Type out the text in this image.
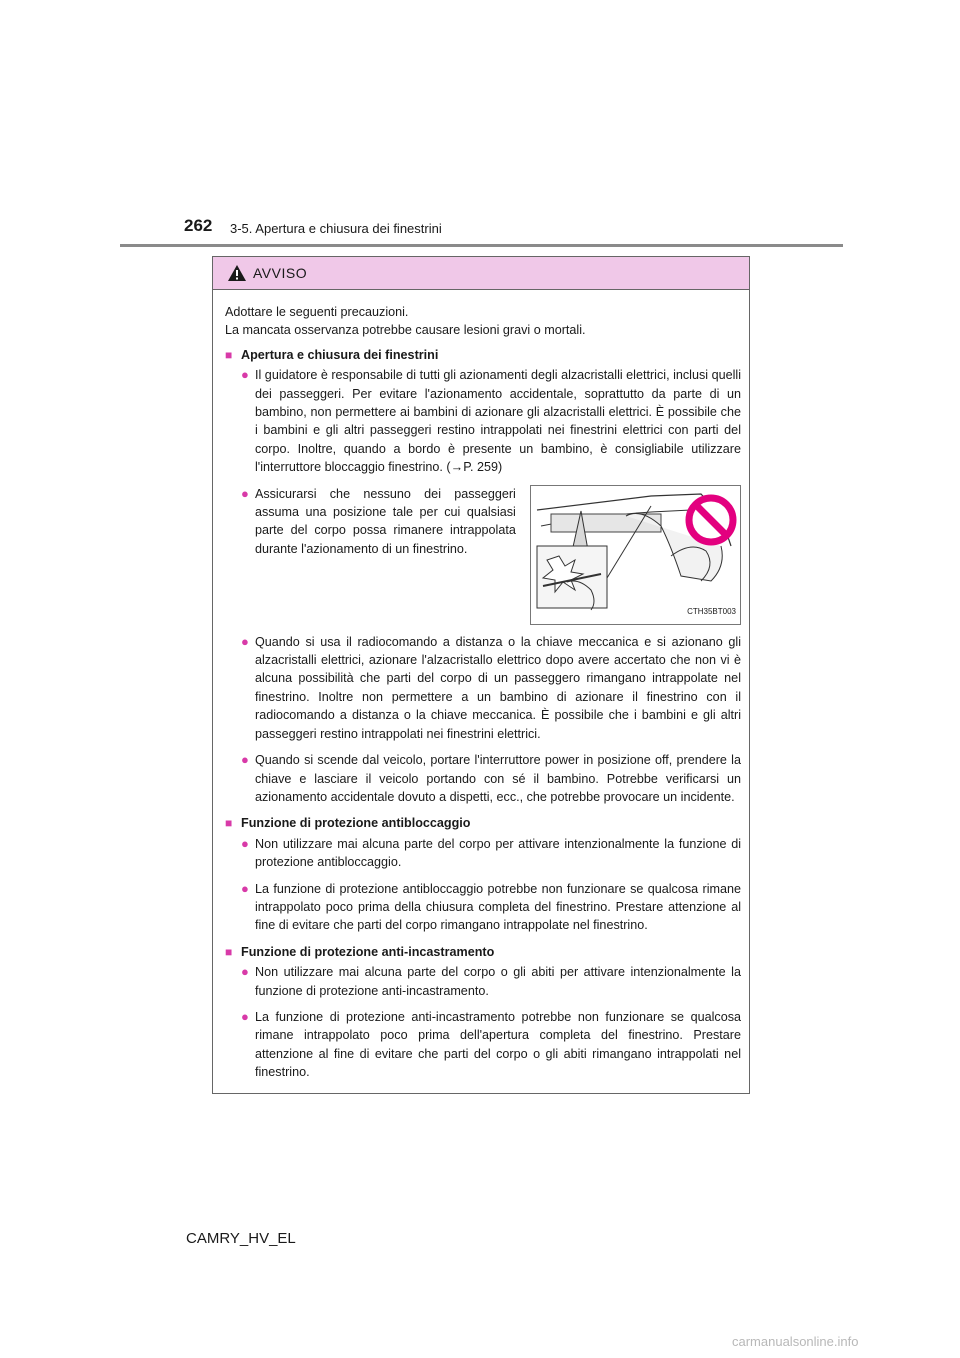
262 3-5. Apertura e chiusura dei finestrini
AVVISO

Adottare le seguenti precauzioni.

La mancata osservanza potrebbe causare lesioni gravi o mortali.

■ Apertura e chiusura dei finestrini
● Il guidatore è responsabile di tutti gli azionamenti degli alzacristalli elettrici, inclusi quelli dei passeggeri. Per evitare l'azionamento accidentale, soprattutto da parte di un bambino, non permettere ai bambini di azionare gli alzacristalli elettrici. È possibile che i bambini e gli altri passeggeri restino intrappolati nei finestrini elettrici con parti del corpo. Inoltre, quando a bordo è presente un bambino, è consigliabile utilizzare l'interruttore bloccaggio finestrino. (→P. 259)
● Assicurarsi che nessuno dei passeggeri assuma una posizione tale per cui qualsiasi parte del corpo possa rimanere intrappolata durante l'azionamento di un finestrino.
CTH35BT003
● Quando si usa il radiocomando a distanza o la chiave meccanica e si azionano gli alzacristalli elettrici, azionare l'alzacristallo elettrico dopo avere accertato che non vi è alcuna possibilità che parti del corpo di un passeggero rimangano intrappolate nel finestrino. Inoltre non permettere a un bambino di azionare il finestrino con il radiocomando a distanza o la chiave meccanica. È possibile che i bambini e gli altri passeggeri restino intrappolati nei finestrini elettrici.
● Quando si scende dal veicolo, portare l'interruttore power in posizione off, prendere la chiave e lasciare il veicolo portando con sé il bambino. Potrebbe verificarsi un azionamento accidentale dovuto a dispetti, ecc., che potrebbe provocare un incidente.
■ Funzione di protezione antibloccaggio
● Non utilizzare mai alcuna parte del corpo per attivare intenzionalmente la funzione di protezione antibloccaggio.
● La funzione di protezione antibloccaggio potrebbe non funzionare se qualcosa rimane intrappolato poco prima della chiusura completa del finestrino. Prestare attenzione al fine di evitare che parti del corpo rimangano intrappolate nel finestrino.
■ Funzione di protezione anti-incastramento
● Non utilizzare mai alcuna parte del corpo o gli abiti per attivare intenzionalmente la funzione di protezione anti-incastramento.
● La funzione di protezione anti-incastramento potrebbe non funzionare se qualcosa rimane intrappolato poco prima dell'apertura completa del finestrino. Prestare attenzione al fine di evitare che parti del corpo o gli abiti rimangano intrappolati nel finestrino.
CAMRY_HV_EL
carmanualsonline.info
